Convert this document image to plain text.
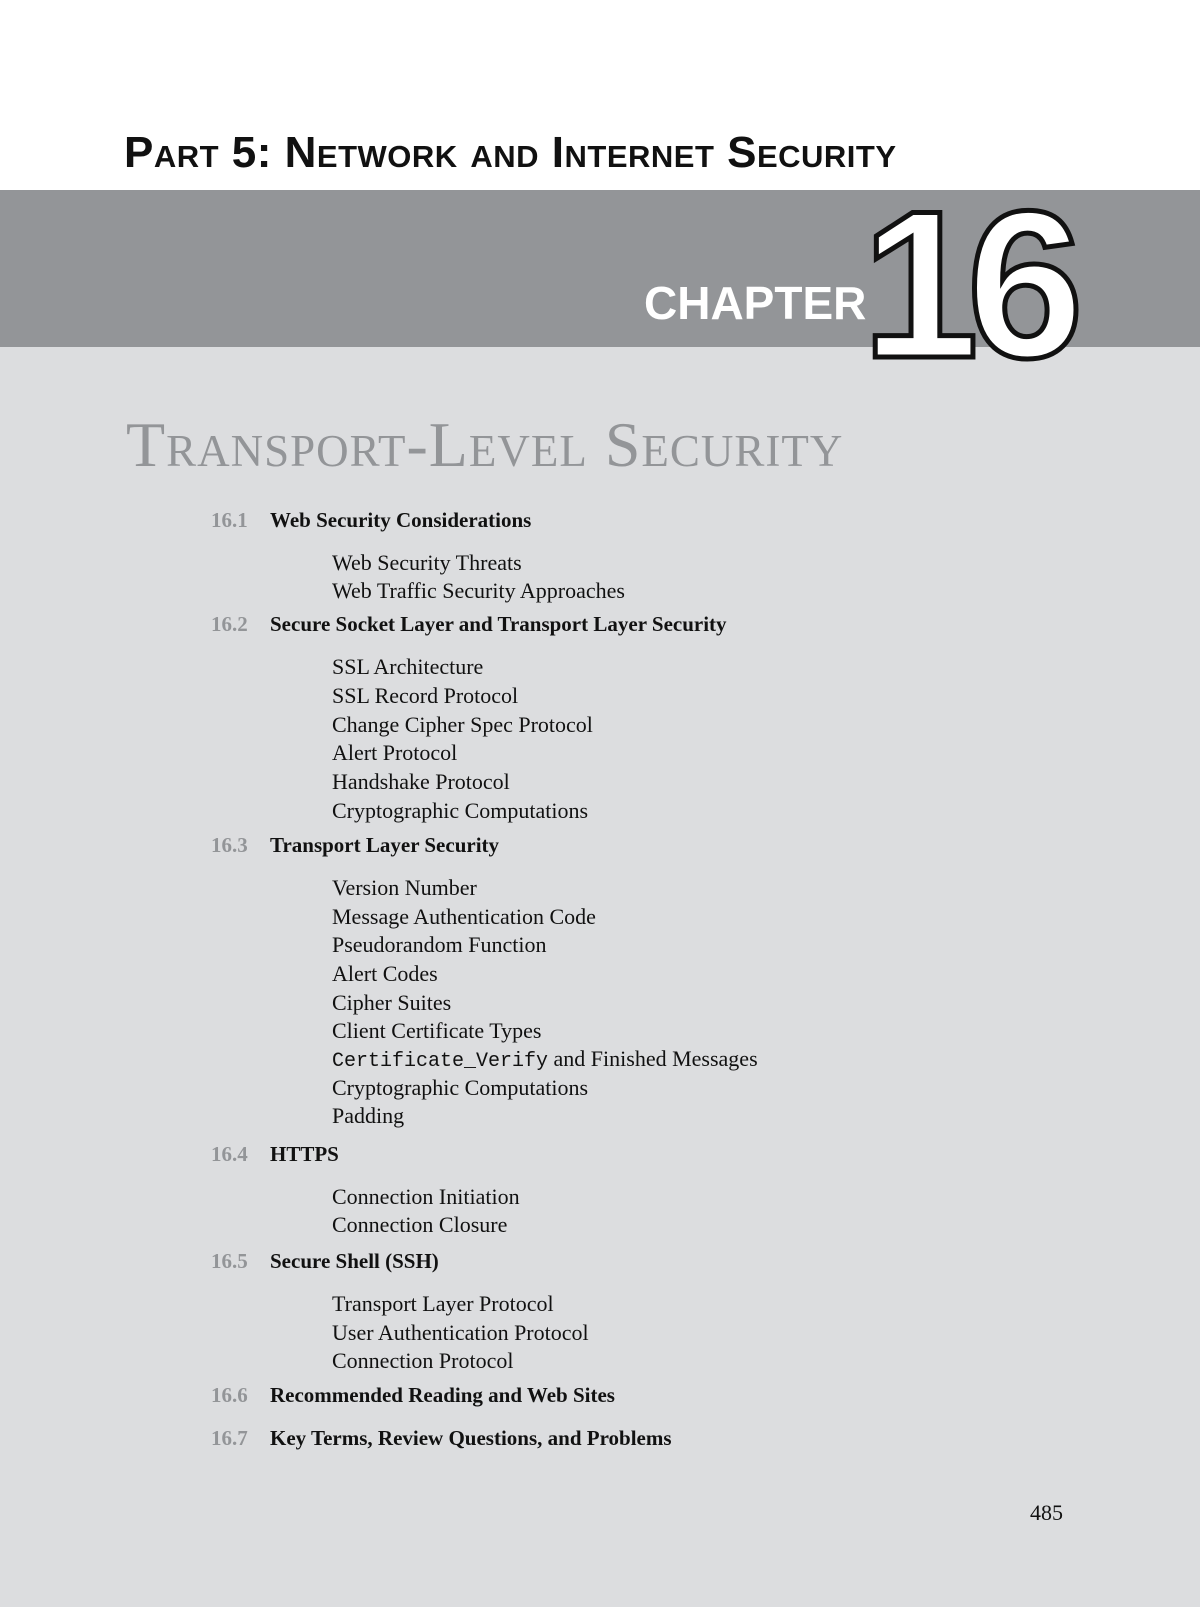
Part 5: Network and Internet Security
CHAPTER
16
Transport-Level Security
16.1 Web Security Considerations
Web Security Threats
Web Traffic Security Approaches
16.2 Secure Socket Layer and Transport Layer Security
SSL Architecture
SSL Record Protocol
Change Cipher Spec Protocol
Alert Protocol
Handshake Protocol
Cryptographic Computations
16.3 Transport Layer Security
Version Number
Message Authentication Code
Pseudorandom Function
Alert Codes
Cipher Suites
Client Certificate Types
Certificate_Verify and Finished Messages
Cryptographic Computations
Padding
16.4 HTTPS
Connection Initiation
Connection Closure
16.5 Secure Shell (SSH)
Transport Layer Protocol
User Authentication Protocol
Connection Protocol
16.6 Recommended Reading and Web Sites
16.7 Key Terms, Review Questions, and Problems
485
